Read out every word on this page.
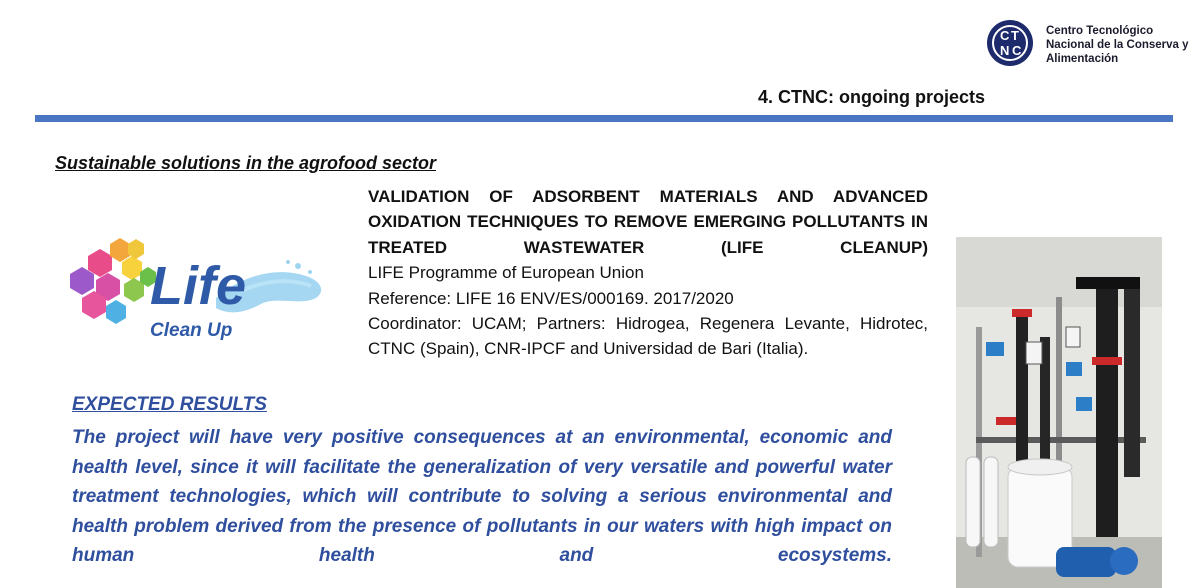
C T
N C
Centro Tecnológico Nacional de la Conserva y Alimentación
4. CTNC: ongoing projects
Sustainable solutions in the agrofood sector
Life
Clean Up

VALIDATION OF ADSORBENT MATERIALS AND ADVANCED OXIDATION TECHNIQUES TO REMOVE EMERGING POLLUTANTS IN TREATED WASTEWATER (LIFE CLEANUP)

LIFE Programme of European Union

Reference: LIFE 16 ENV/ES/000169. 2017/2020

Coordinator: UCAM; Partners: Hidrogea, Regenera Levante, Hidrotec, CTNC (Spain), CNR-IPCF and Universidad de Bari (Italia).

EXPECTED RESULTS
The project will have very positive consequences at an environmental, economic and health level, since it will facilitate the generalization of very versatile and powerful water treatment technologies, which will contribute to solving a serious environmental and health problem derived from the presence of pollutants in our waters with high impact on human health and ecosystems.
